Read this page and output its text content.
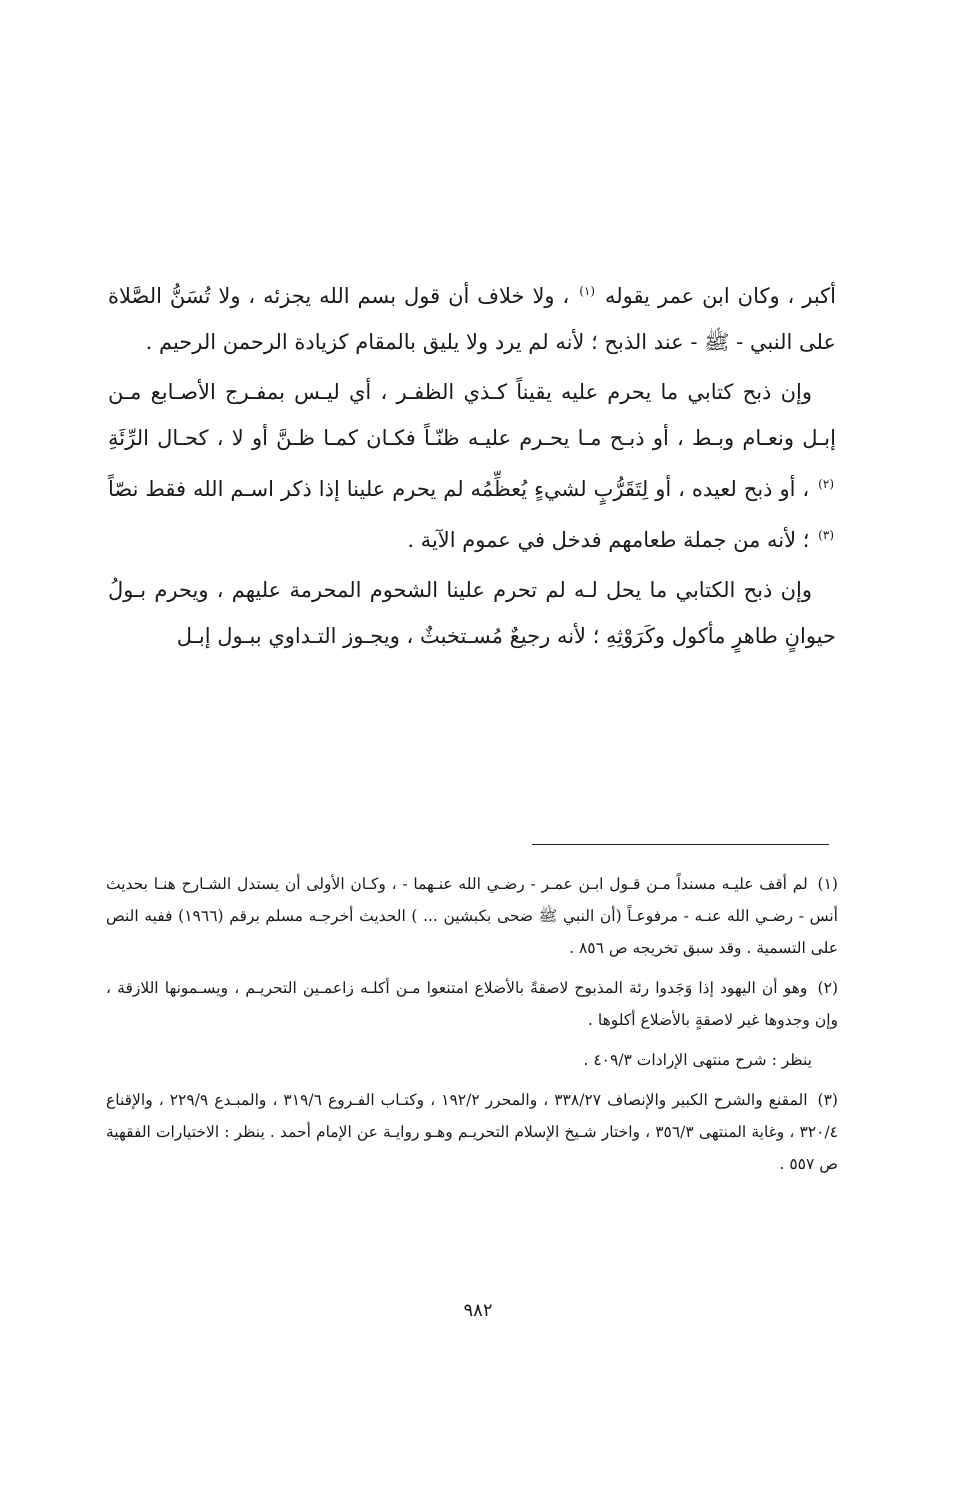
أكبر ، وكان ابن عمر يقوله $^{(١)}$ ، ولا خلاف أن قول بسم الله يجزئه ، ولا تُسَنُّ الصَّلاة على النبي - ﷺ - عند الذبح ؛ لأنه لم يرد ولا يليق بالمقام كزيادة الرحمن الرحيم .

وإن ذبح كتابي ما يحرم عليه يقيناً كـذي الظفـر ، أي ليـس بمفـرج الأصـابع مـن إبـل ونعـام وبـط ، أو ذبـح مـا يحـرم عليـه ظنّـاً فكـان كمـا ظـنَّ أو لا ، كحـال الرِّئَةِ $^{(٢)}$ ، أو ذبح لعيده ، أو لِتَقَرُّبٍ لشيءٍ يُعظِّمُه لم يحرم علينا إذا ذكر اسـم الله فقط نصّاً $^{(٣)}$ ؛ لأنه من جملة طعامهم فدخل في عموم الآية .

وإن ذبح الكتابي ما يحل لـه لم تحرم علينا الشحوم المحرمة عليهم ، ويحرم بـولُ حيوانٍ طاهرٍ مأكول وكَرَوْثِهِ ؛ لأنه رجيعٌ مُسـتخبثٌ ، ويجـوز التـداوي ببـول إبـل

(١) لم أقف عليـه مسنداً مـن قـول ابـن عمـر - رضـي الله عنـهما - ، وكـان الأولى أن يستدل الشـارح هنـا بحديث أنس - رضـي الله عنـه - مرفوعـاً (أن النبي ﷺ ضحى بكبشين ... ) الحديث أخرجـه مسلم برقم (١٩٦٦) ففيه النص على التسمية . وقد سبق تخريجه ص ٨٥٦ .

(٢) وهو أن اليهود إذا وَجَدوا رئة المذبوح لاصقةً بالأضلاع امتنعوا مـن أكلـه زاعمـين التحريـم ، ويسـمونها اللازقة ، وإن وجدوها غير لاصقةٍ بالأضلاع أكلوها .

ينظر : شرح منتهى الإرادات ٤٠٩/٣ .

(٣) المقنع والشرح الكبير والإنصاف ٣٣٨/٢٧ ، والمحرر ١٩٢/٢ ، وكتـاب الفـروع ٣١٩/٦ ، والمبـدع ٢٢٩/٩ ، والإقناع ٣٢٠/٤ ، وغاية المنتهى ٣٥٦/٣ ، واختار شـيخ الإسلام التحريـم وهـو روايـة عن الإمام أحمد . ينظر : الاختيارات الفقهية ص ٥٥٧ .

٩٨٢
